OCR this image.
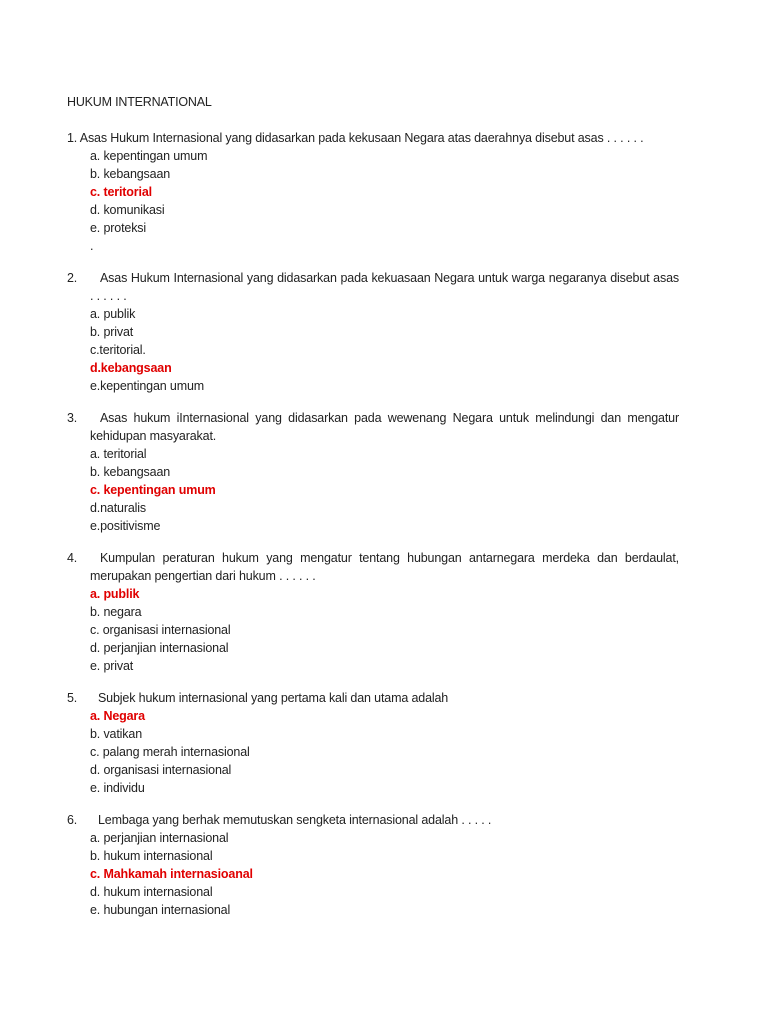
HUKUM INTERNATIONAL
1. Asas Hukum Internasional yang didasarkan pada kekusaan Negara atas daerahnya disebut asas . . . . . .
a. kepentingan umum
b. kebangsaan
c. teritorial
d. komunikasi
e. proteksi
.
2.	Asas Hukum Internasional yang didasarkan pada kekuasaan Negara untuk warga negaranya disebut asas . . . . . .
a. publik
b. privat
c.teritorial.
d.kebangsaan
e.kepentingan umum
3.	Asas hukum iInternasional yang didasarkan pada wewenang Negara untuk melindungi dan mengatur kehidupan masyarakat.
a. teritorial
b. kebangsaan
c. kepentingan umum
d.naturalis
e.positivisme
4.	Kumpulan peraturan hukum yang mengatur tentang hubungan antarnegara merdeka dan berdaulat, merupakan pengertian dari hukum . . . . . .
a. publik
b. negara
c. organisasi internasional
d. perjanjian internasional
e. privat
5.	Subjek hukum internasional yang pertama kali dan utama adalah
a. Negara
b. vatikan
c. palang merah internasional
d. organisasi internasional
e. individu
6.	Lembaga yang berhak memutuskan sengketa internasional adalah . . . . .
a. perjanjian internasional
b. hukum internasional
c. Mahkamah internasioanal
d. hukum internasional
e. hubungan internasional
